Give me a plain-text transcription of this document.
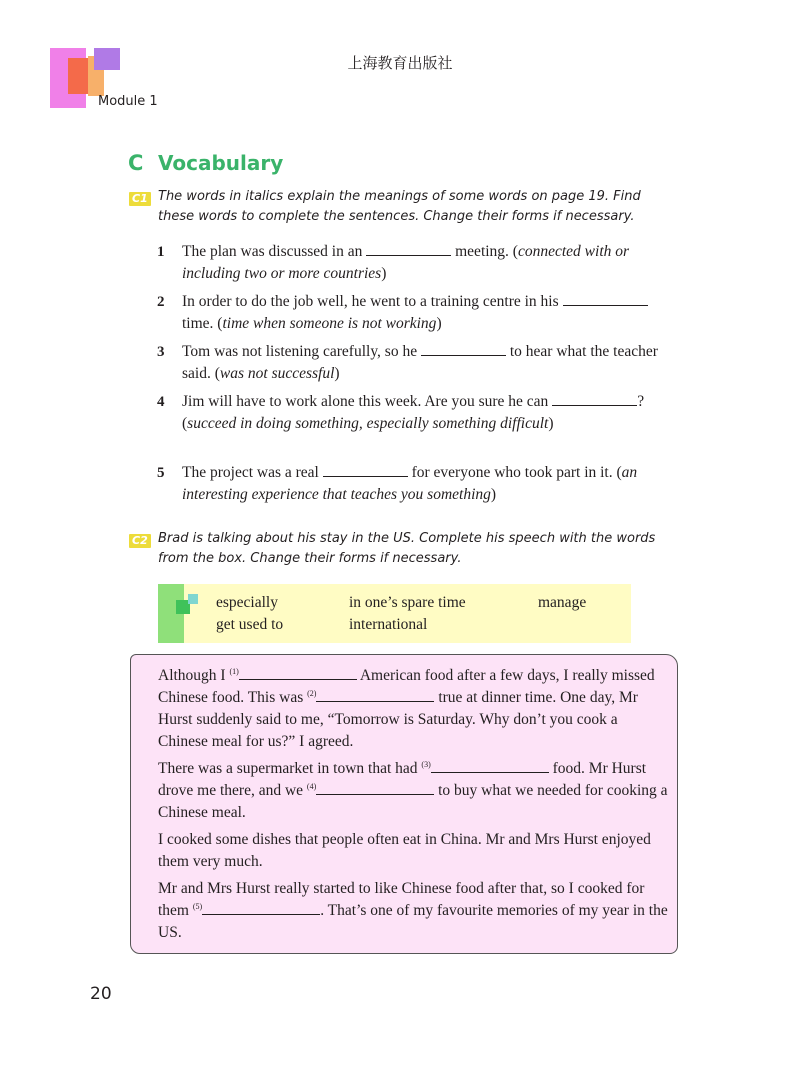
上海教育出版社
Module 1
C Vocabulary
C1 The words in italics explain the meanings of some words on page 19. Find these words to complete the sentences. Change their forms if necessary.
1 The plan was discussed in an	meeting. (connected with or including two or more countries)
2 In order to do the job well, he went to a training centre in his  time. (time when someone is not working)
3 Tom was not listening carefully, so he	to hear what the teacher said. (was not successful)
4 Jim will have to work alone this week. Are you sure he can	? (succeed in doing something, especially something difficult)
5 The project was a real	for everyone who took part in it. (an interesting experience that teaches you something)
C2 Brad is talking about his stay in the US. Complete his speech with the words from the box. Change their forms if necessary.
especially	in one’s spare time	manage
get used to	international
Although I $^{(1)}$	American food after a few days, I really missed Chinese food. This was $^{(2)}$	true at dinner time. One day, Mr Hurst suddenly said to me, “Tomorrow is Saturday. Why don’t you cook a Chinese meal for us?” I agreed.
There was a supermarket in town that had $^{(3)}$	food. Mr Hurst drove me there, and we $^{(4)}$	to buy what we needed for cooking a Chinese meal.
I cooked some dishes that people often eat in China. Mr and Mrs Hurst enjoyed them very much.
Mr and Mrs Hurst really started to like Chinese food after that, so I cooked for them $^{(5)}$	. That’s one of my favourite memories of my year in the US.
20
